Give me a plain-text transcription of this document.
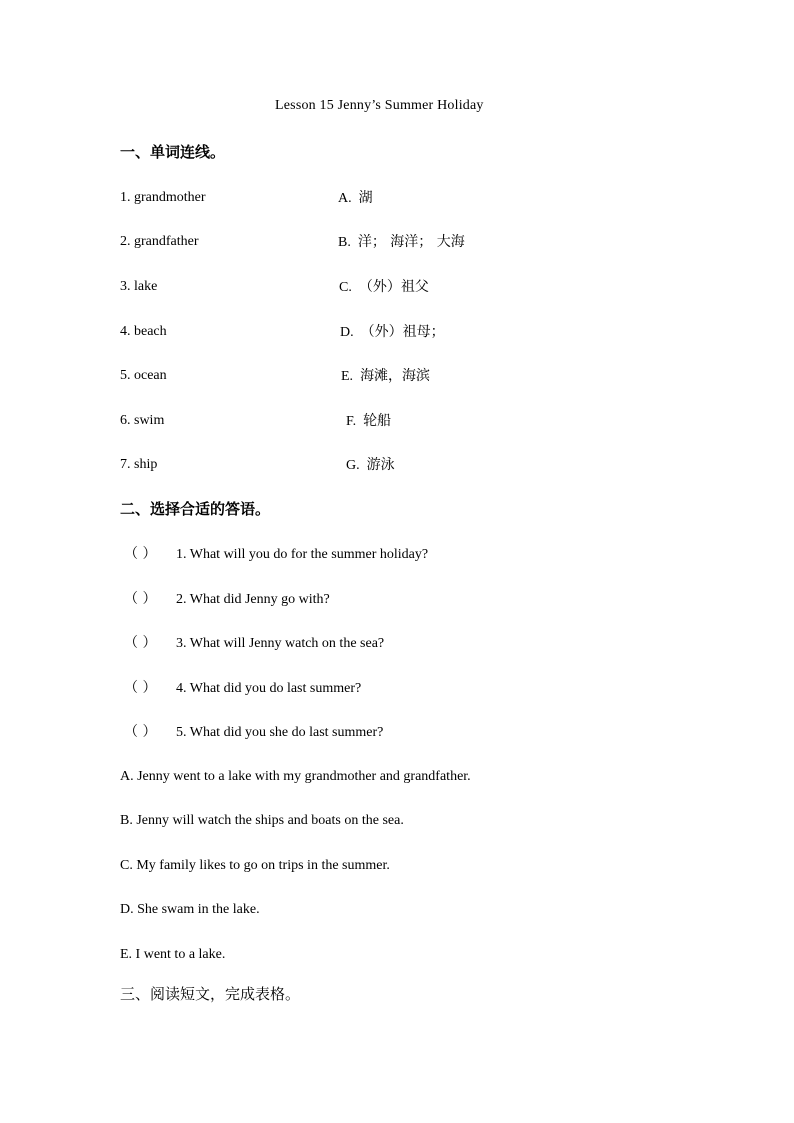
Lesson 15 Jenny’s Summer Holiday
一、单词连线。
1. grandmother
2. grandfather
3. lake
4. beach
5. ocean
6. swim
7. ship
A. 湖
B. 洋； 海洋； 大海
C. （外）祖父
D. （外）祖母；
E. 海滩，海滨
F. 轮船
G. 游泳
二、选择合适的答语。
（ ） 1. What will you do for the summer holiday?
（ ） 2. What did Jenny go with?
（ ） 3. What will Jenny watch on the sea?
（ ） 4. What did you do last summer?
（ ） 5. What did you she do last summer?
A. Jenny went to a lake with my grandmother and grandfather.
B. Jenny will watch the ships and boats on the sea.
C. My family likes to go on trips in the summer.
D. She swam in the lake.
E. I went to a lake.
三、阅读短文，完成表格。
